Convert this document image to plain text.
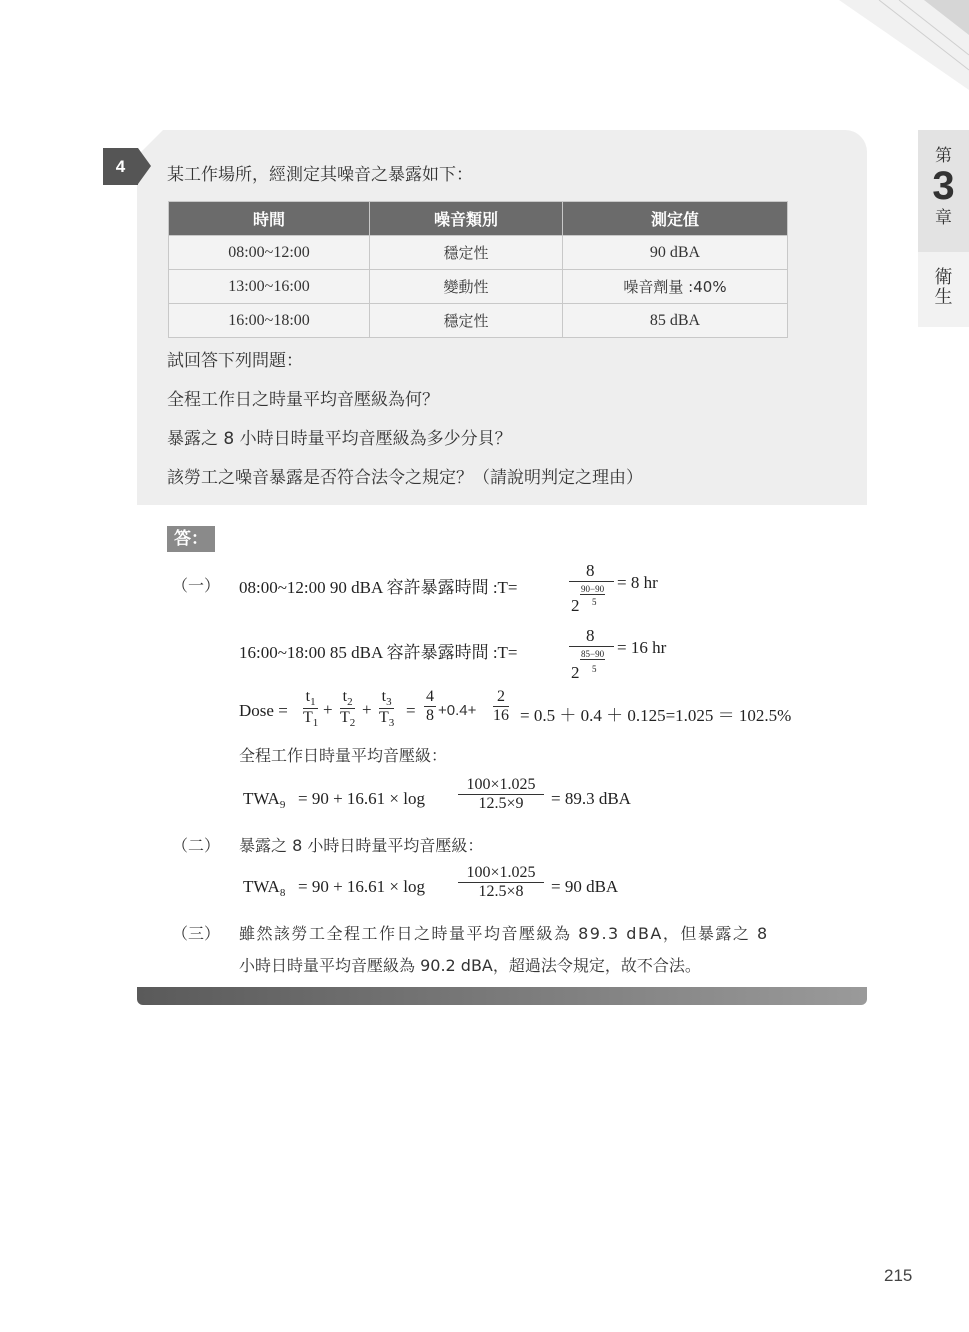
第
3
章
衛生
4	某工作場所，經測定其噪音之暴露如下：
時間	噪音類別	測定值
08:00~12:00	穩定性	90 dBA
13:00~16:00	變動性	噪音劑量 :40%
16:00~18:00	穩定性	85 dBA
試回答下列問題：
全程工作日之時量平均音壓級為何？
暴露之 8 小時日時量平均音壓級為多少分貝？
該勞工之噪音暴露是否符合法令之規定？（請說明判定之理由）
答：
（一） 08:00~12:00 90 dBA 容許暴露時間 :T=
8
2
90−90
5
= 8 hr
16:00~18:00 85 dBA 容許暴露時間 :T=
8
2
85−90
5
= 16 hr
Dose = $\frac{t_1}{T_1} + \frac{t_2}{T_2} + \frac{t_3}{T_3} = \frac{4}{8} +0.4+ \frac{2}{16} = 0.5 + 0.4 + 0.125=1.025 = 102.5\%$
全程工作日時量平均音壓級：
$TWA_9 = 90 + 16.61 \times \log \frac{100\times 1.025}{12.5\times 9} = 89.3$ dBA
（二） 暴露之 8 小時日時量平均音壓級：
$TWA_8 = 90 + 16.61 \times \log \frac{100\times 1.025}{12.5\times 8} = 90$ dBA
（三） 雖然該勞工全程工作日之時量平均音壓級為 89.3 dBA，但暴露之 8
小時日時量平均音壓級為 90.2 dBA，超過法令規定，故不合法。
215
